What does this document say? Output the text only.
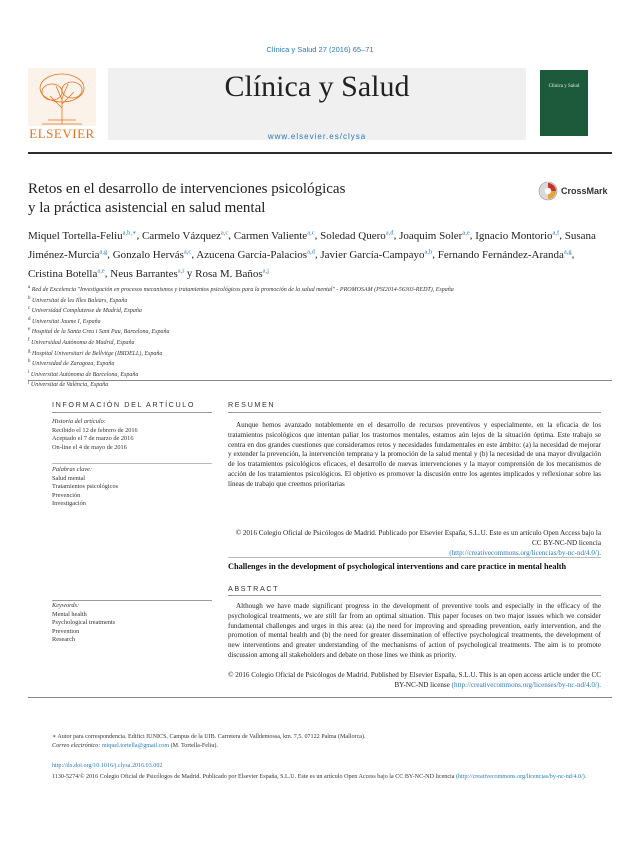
Clínica y Salud 27 (2016) 65–71
ELSEVIER
Clínica y Salud
www.elsevier.es/clysa
Clínica y Salud
Retos en el desarrollo de intervenciones psicológicas
y la práctica asistencial en salud mental
CrossMark
Miquel Tortella-Feliu$^{a,b,∗}$, Carmelo Vázquez$^{a,c}$, Carmen Valiente$^{a,c}$, Soledad Quero$^{a,d}$, Joaquim Soler$^{a,e}$, Ignacio Montorio$^{a,f}$, Susana Jiménez-Murcia$^{a,g}$, Gonzalo Hervás$^{a,c}$, Azucena García-Palacios$^{a,d}$, Javier García-Campayo$^{a,h}$, Fernando Fernández-Aranda$^{a,g}$, Cristina Botella$^{a,e}$, Neus Barrantes$^{a,i}$ y Rosa M. Baños$^{a,j}$
$^a$ Red de Excelencia "Investigación en procesos mecanismos y tratamientos psicológicos para la promoción de la salud mental" - PROMOSAM (PSI2014-56303-REDT), España
$^b$ Universitat de les Illes Balears, España
$^c$ Universidad Complutense de Madrid, España
$^d$ Universitat Jaume I, España
$^e$ Hospital de la Santa Creu i Sant Pau, Barcelona, España
$^f$ Universidad Autónoma de Madrid, España
$^g$ Hospital Universitari de Bellvitge (IBIDELL), España
$^h$ Universidad de Zaragoza, España
$^i$ Universitat Autònoma de Barcelona, España
$^j$ Universitat de València, España
INFORMACIÓN DEL ARTÍCULO	RESUMEN
Historia del artículo:
Recibido el 12 de febrero de 2016
Aceptado el 7 de marzo de 2016
On-line el 4 de mayo de 2016
Palabras clave:
Salud mental
Tratamientos psicológicos
Prevención
Investigación
Aunque hemos avanzado notablemente en el desarrollo de recursos preventivos y especialmente, en la eficacia de los tratamientos psicológicos que intentan paliar los trastornos mentales, estamos aún lejos de la situación óptima. Este trabajo se centra en dos grandes cuestiones que consideramos retos y necesidades fundamentales en este ámbito: (a) la necesidad de mejorar y extender la prevención, la intervención temprana y la promoción de la salud mental y (b) la necesidad de una mayor divulgación de los tratamientos psicológicos eficaces, el desarrollo de nuevas intervenciones y la mayor comprensión de los mecanismos de acción de los tratamientos psicológicos. El objetivo es promover la discusión entre los agentes implicados y reflexionar sobre las líneas de trabajo que creemos prioritarias
© 2016 Colegio Oficial de Psicólogos de Madrid. Publicado por Elsevier España, S.L.U. Este es un artículo Open Access bajo la CC BY-NC-ND licencia
(http://creativecommons.org/licencias/by-nc-nd/4.0/).
Challenges in the development of psychological interventions and care practice in mental health
ABSTRACT
Keywords:
Mental health
Psychological treatments
Prevention
Research
Although we have made significant progress in the development of preventive tools and especially in the efficacy of the psychological treatments, we are still far from an optimal situation. This paper focuses on two major issues which we consider fundamental challenges and urges in this area: (a) the need for improving and spreading prevention, early intervention, and the promotion of mental health and (b) the need for greater dissemination of effective psychological treatments, the development of new interventions and greater understanding of the mechanisms of action of psychological treatments. The aim is to promote discussion among all stakeholders and debate on those lines we think as priority.
© 2016 Colegio Oficial de Psicólogos de Madrid. Published by Elsevier España, S.L.U. This is an open access article under the CC BY-NC-ND license (http://creativecommons.org/licenses/by-nc-nd/4.0/).
∗ Autor para correspondencia. Edifici IUNICS. Campus de la UIB. Carretera de Valldemossa, km. 7,5. 07122 Palma (Mallorca).
Correo electrónico: miquel.tortella@gmail.com (M. Tortella-Feliu).
http://dx.doi.org/10.1016/j.clysa.2016.03.002
1130-5274/© 2016 Colegio Oficial de Psicólogos de Madrid. Publicado por Elsevier España, S.L.U. Este es un artículo Open Access bajo la CC BY-NC-ND licencia (http://creativecommons.org/licencias/by-nc-nd/4.0/).
